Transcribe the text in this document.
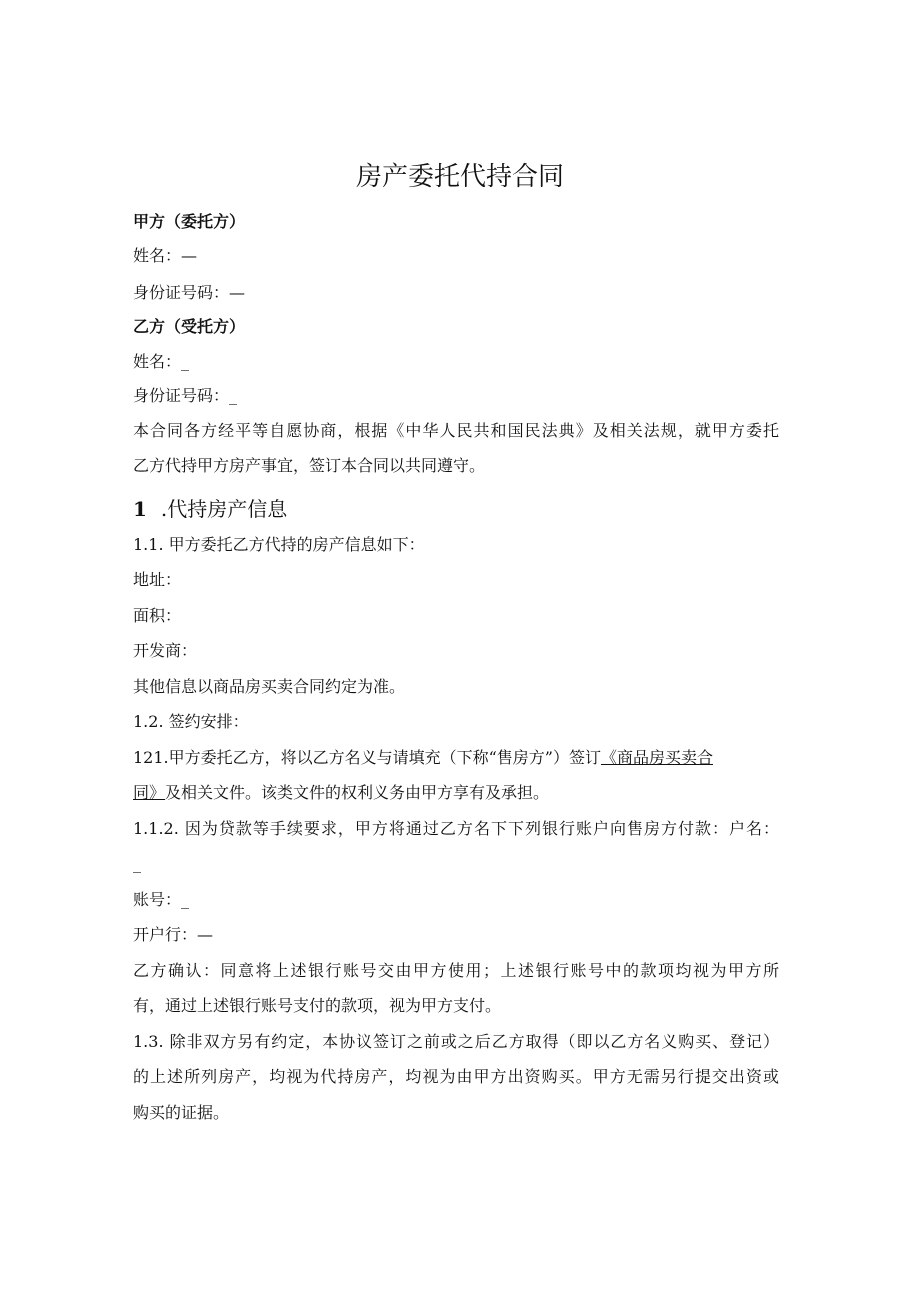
房产委托代持合同
甲方（委托方）
姓名：—
身份证号码：—
乙方（受托方）
姓名：_
身份证号码：_
本合同各方经平等自愿协商，根据《中华人民共和国民法典》及相关法规，就甲方委托
乙方代持甲方房产事宜，签订本合同以共同遵守。
1 .代持房产信息
1.1. 甲方委托乙方代持的房产信息如下：
地址：
面积：
开发商：
其他信息以商品房买卖合同约定为准。
1.2. 签约安排：
121.甲方委托乙方，将以乙方名义与请填充（下称“售房方”）签订《商品房买卖合
同》及相关文件。该类文件的权利义务由甲方享有及承担。
1.1.2. 因为贷款等手续要求，甲方将通过乙方名下下列银行账户向售房方付款：户名：
_
账号：_
开户行：—
乙方确认：同意将上述银行账号交由甲方使用；上述银行账号中的款项均视为甲方所
有，通过上述银行账号支付的款项，视为甲方支付。
1.3. 除非双方另有约定，本协议签订之前或之后乙方取得（即以乙方名义购买、登记）
的上述所列房产，均视为代持房产，均视为由甲方出资购买。甲方无需另行提交出资或
购买的证据。
